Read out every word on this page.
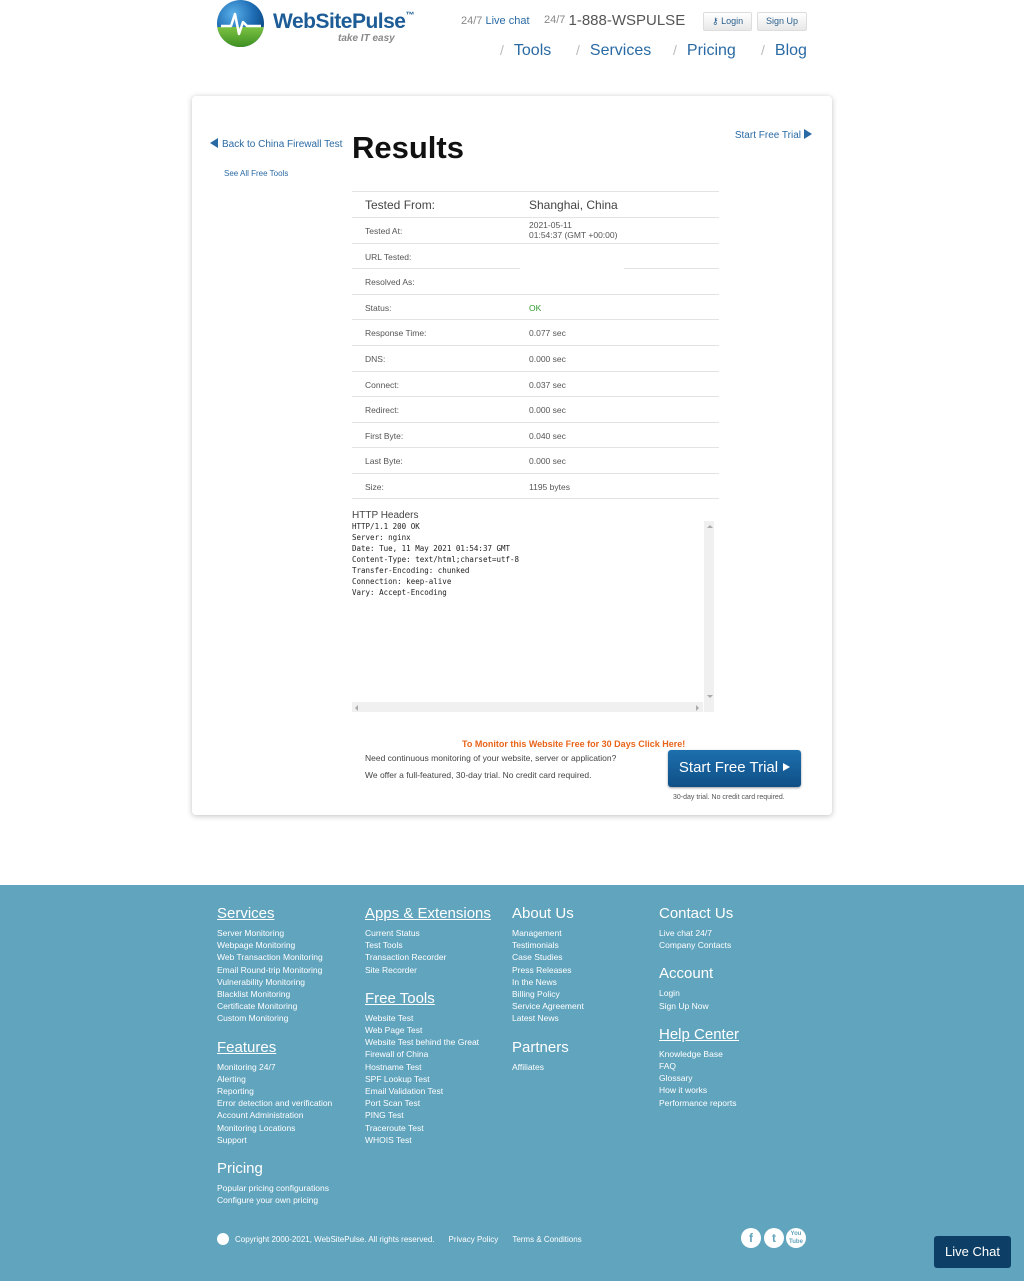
WebSitePulse™
take IT easy
24/7 Live chat 24/7 1-888-WSPULSE	⚷ Login	Sign Up
/ Tools / Services / Pricing / Blog
Back to China Firewall Test
See All Free Tools
Results	Start Free Trial
Tested From:	Shanghai, China
Tested At:
2021-05-11
01:54:37 (GMT +00:00)
URL Tested:
Resolved As:
Status:	OK
Response Time:	0.077 sec
DNS:	0.000 sec
Connect:	0.037 sec
Redirect:	0.000 sec
First Byte:	0.040 sec
Last Byte:	0.000 sec
Size:	1195 bytes
HTTP Headers
HTTP/1.1 200 OK
Server: nginx
Date: Tue, 11 May 2021 01:54:37 GMT
Content-Type: text/html;charset=utf-8
Transfer-Encoding: chunked
Connection: keep-alive
Vary: Accept-Encoding
To Monitor this Website Free for 30 Days Click Here!
Need continuous monitoring of your website, server or application?
We offer a full-featured, 30-day trial. No credit card required.	Start Free Trial
30-day trial. No credit card required.
Services
Server Monitoring
Webpage Monitoring
Web Transaction Monitoring
Email Round-trip Monitoring
Vulnerability Monitoring
Blacklist Monitoring
Certificate Monitoring
Custom Monitoring
Features
Monitoring 24/7
Alerting
Reporting
Error detection and verification
Account Administration
Monitoring Locations
Support
Pricing
Popular pricing configurations
Configure your own pricing
Apps & Extensions
Current Status
Test Tools
Transaction Recorder
Site Recorder
Free Tools
Website Test
Web Page Test
Website Test behind the Great
Firewall of China
Hostname Test
SPF Lookup Test
Email Validation Test
Port Scan Test
PING Test
Traceroute Test
WHOIS Test
About Us
Management
Testimonials
Case Studies
Press Releases
In the News
Billing Policy
Service Agreement
Latest News
Partners
Affiliates
Contact Us
Live chat 24/7
Company Contacts
Account
Login
Sign Up Now
Help Center
Knowledge Base
FAQ
Glossary
How it works
Performance reports
Copyright 2000-2021, WebSitePulse. All rights reserved. Privacy Policy Terms & Conditions	f	t	You Tube
Live Chat
